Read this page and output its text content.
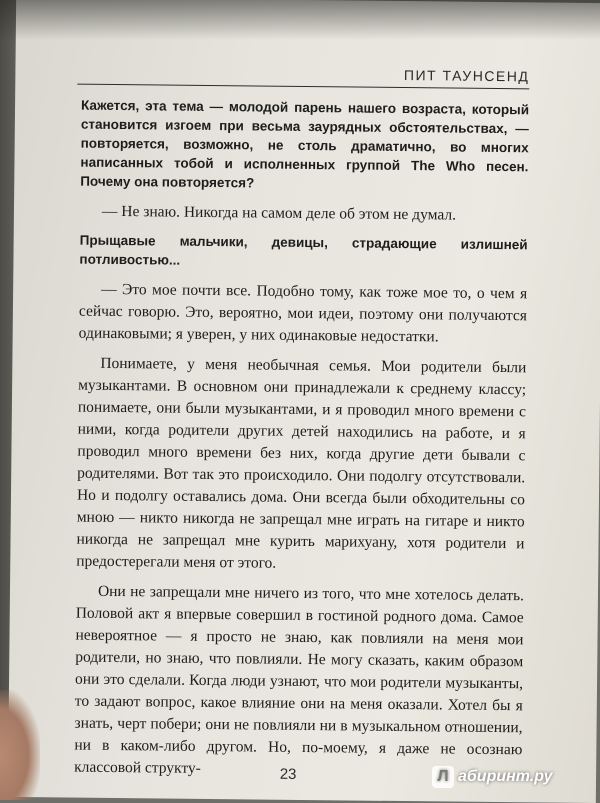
ПИТ ТАУНСЕНД

Кажется, эта тема — молодой парень нашего возраста, который становится изгоем при весьма заурядных обстоятельствах, — повторяется, возможно, не столь драматично, во многих написанных тобой и исполненных группой The Who песен. Почему она повторяется?

— Не знаю. Никогда на самом деле об этом не думал.

Прыщавые мальчики, девицы, страдающие излишней потливостью...

— Это мое почти все. Подобно тому, как тоже мое то, о чем я сейчас говорю. Это, вероятно, мои идеи, поэтому они получаются одинаковыми; я уверен, у них одинаковые недостатки.

Понимаете, у меня необычная семья. Мои родители были музыкантами. В основном они принадлежали к среднему классу; понимаете, они были музыкантами, и я проводил много времени с ними, когда родители других детей находились на работе, и я проводил много времени без них, когда другие дети бывали с родителями. Вот так это происходило. Они подолгу отсутствовали. Но и подолгу оставались дома. Они всегда были обходительны со мною — никто никогда не запрещал мне играть на гитаре и никто никогда не запрещал мне курить марихуану, хотя родители и предостерегали меня от этого.

Они не запрещали мне ничего из того, что мне хотелось делать. Половой акт я впервые совершил в гостиной родного дома. Самое невероятное — я просто не знаю, как повлияли на меня мои родители, но знаю, что повлияли. Не могу сказать, каким образом они это сделали. Когда люди узнают, что мои родители музыканты, то задают вопрос, какое влияние они на меня оказали. Хотел бы я знать, черт побери; они не повлияли ни в музыкальном отношении, ни в каком-либо другом. Но, по-моему, я даже не осознаю классовой структу-	23	Л абиринт.ру
